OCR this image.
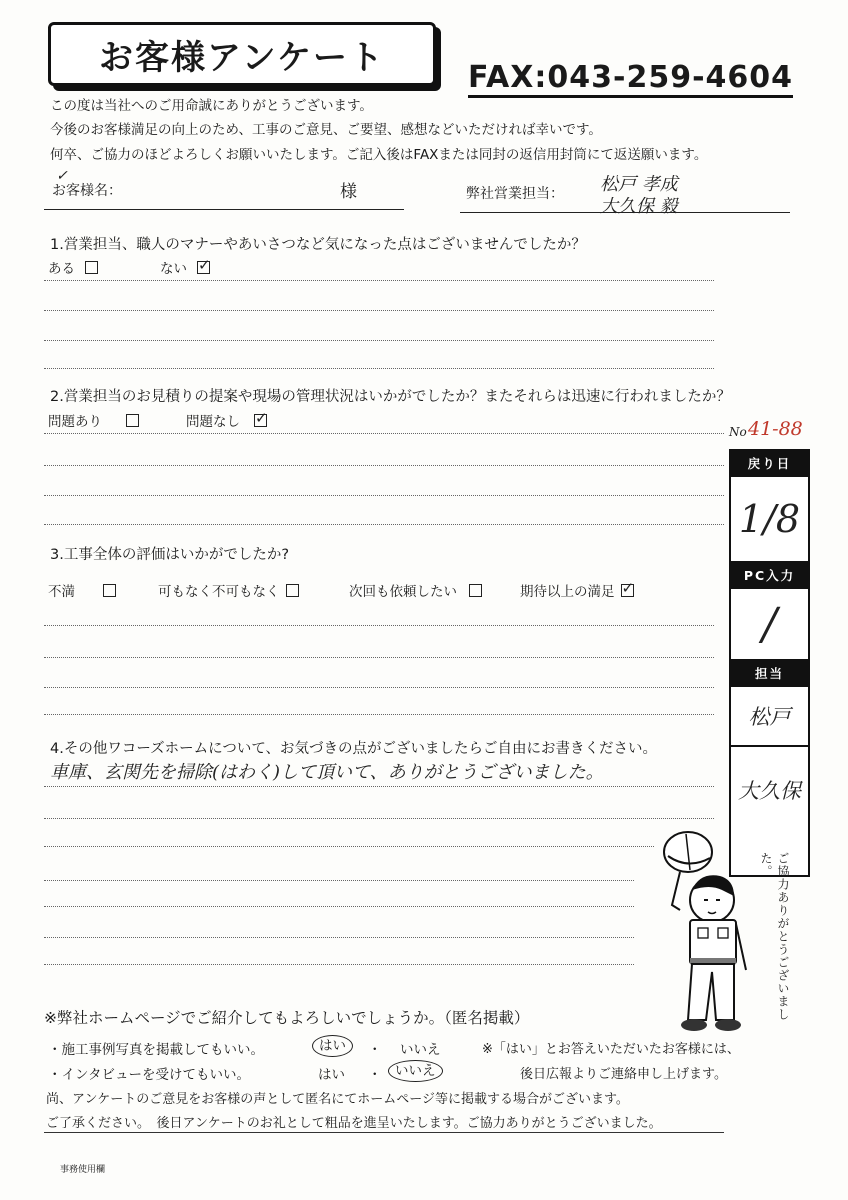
お客様アンケート	FAX:043-259-4604
この度は当社へのご用命誠にありがとうございます。
今後のお客様満足の向上のため、工事のご意見、ご要望、感想などいただければ幸いです。
何卒、ご協力のほどよろしくお願いいたします。ご記入後はFAXまたは同封の返信用封筒にて返送願います。
✓
お客様名：	様	弊社営業担当： 松戸 孝成
大久保 毅
1.営業担当、職人のマナーやあいさつなど気になった点はございませんでしたか？
ある	ない✓
2.営業担当のお見積りの提案や現場の管理状況はいかがでしたか？またそれらは迅速に行われましたか？
問題あり	問題なし✓
3.工事全体の評価はいかがでしたか?
不満	可もなく不可もなく	次回も依頼したい	期待以上の満足✓
No 41-88
戻り日
1/8
PC入力
/
担当
松戸
大久保
4.その他ワコーズホームについて、お気づきの点がございましたらご自由にお書きください。
車庫、玄関先を掃除(はわく)して頂いて、ありがとうございました。
ご協力ありがとうございました。
※弊社ホームページでご紹介してもよろしいでしょうか。（匿名掲載）
・施工事例写真を掲載してもいい。	はい	・ いいえ	※「はい」とお答えいただいたお客様には、
・インタビューを受けてもいい。	はい ・	いいえ	後日広報よりご連絡申し上げます。
尚、アンケートのご意見をお客様の声として匿名にてホームページ等に掲載する場合がございます。
ご了承ください。　後日アンケートのお礼として粗品を進呈いたします。ご協力ありがとうございました。
事務使用欄
